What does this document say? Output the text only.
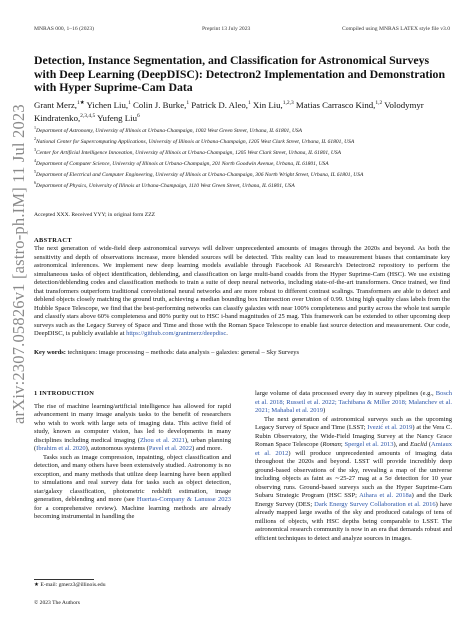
MNRAS 000, 1–16 (2023)	Preprint 13 July 2023	Compiled using MNRAS LATEX style file v3.0
arXiv:2307.05826v1 [astro-ph.IM] 11 Jul 2023
Detection, Instance Segmentation, and Classification for Astronomical Surveys with Deep Learning (DeepDISC): Detectron2 Implementation and Demonstration with Hyper Suprime-Cam Data
Grant Merz,$^{1★}$ Yichen Liu,$^1$ Colin J. Burke,$^1$ Patrick D. Aleo,$^1$ Xin Liu,$^{1,2,3}$ Matias Carrasco Kind,$^{1,2}$ Volodymyr Kindratenko,$^{2,3,4,5}$ Yufeng Liu$^6$
$^1$Department of Astronomy, University of Illinois at Urbana-Champaign, 1002 West Green Street, Urbana, IL 61801, USA
$^2$National Center for Supercomputing Applications, University of Illinois at Urbana-Champaign, 1205 West Clark Street, Urbana, IL 61801, USA
$^3$Center for Artificial Intelligence Innovation, University of Illinois at Urbana-Champaign, 1205 West Clark Street, Urbana, IL 61801, USA
$^4$Department of Computer Science, University of Illinois at Urbana-Champaign, 201 North Goodwin Avenue, Urbana, IL 61801, USA
$^5$Department of Electrical and Computer Engineering, University of Illinois at Urbana-Champaign, 306 North Wright Street, Urbana, IL 61801, USA
$^6$Department of Physics, University of Illinois at Urbana-Champaign, 1110 West Green Street, Urbana, IL 61801, USA
Accepted XXX. Received YYY; in original form ZZZ
ABSTRACT
The next generation of wide-field deep astronomical surveys will deliver unprecedented amounts of images through the 2020s and beyond. As both the sensitivity and depth of observations increase, more blended sources will be detected. This reality can lead to measurement biases that contaminate key astronomical inferences. We implement new deep learning models available through Facebook AI Research's Detectron2 repository to perform the simultaneous tasks of object identification, deblending, and classification on large multi-band coadds from the Hyper Suprime-Cam (HSC). We use existing detection/deblending codes and classification methods to train a suite of deep neural networks, including state-of-the-art transformers. Once trained, we find that transformers outperform traditional convolutional neural networks and are more robust to different contrast scalings. Transformers are able to detect and deblend objects closely matching the ground truth, achieving a median bounding box Intersection over Union of 0.99. Using high quality class labels from the Hubble Space Telescope, we find that the best-performing networks can classify galaxies with near 100% completeness and purity across the whole test sample and classify stars above 60% completeness and 80% purity out to HSC i-band magnitudes of 25 mag. This framework can be extended to other upcoming deep surveys such as the Legacy Survey of Space and Time and those with the Roman Space Telescope to enable fast source detection and measurement. Our code, DeepDISC, is publicly available at https://github.com/grantmerz/deepdisc.
Key words: techniques: image processing – methods: data analysis – galaxies: general – Sky Surveys
1 INTRODUCTION

The rise of machine learning/artificial intelligence has allowed for rapid advancement in many image analysis tasks to the benefit of researchers who wish to work with large sets of imaging data. This active field of study, known as computer vision, has led to developments in many disciplines including medical imaging (Zhou et al. 2021), urban planning (Ibrahim et al. 2020), autonomous systems (Pavel et al. 2022) and more.

Tasks such as image compression, inpainting, object classification and detection, and many others have been extensively studied. Astronomy is no exception, and many methods that utilize deep learning have been applied to simulations and real survey data for tasks such as object detection, star/galaxy classification, photometric redshift estimation, image generation, deblending and more (see Huertas-Company & Lanusse 2023 for a comprehensive review). Machine learning methods are already becoming instrumental in handling the

large volume of data processed every day in survey pipelines (e.g., Bosch et al. 2018; Russeil et al. 2022; Tachibana & Miller 2018; Malanchev et al. 2021; Mahabal et al. 2019)

The next generation of astronomical surveys such as the upcoming Legacy Survey of Space and Time (LSST; Ivezić et al. 2019) at the Vera C. Rubin Observatory, the Wide-Field Imaging Survey at the Nancy Grace Roman Space Telescope (Roman; Spergel et al. 2013), and Euclid (Amiaux et al. 2012) will produce unprecedented amounts of imaging data throughout the 2020s and beyond. LSST will provide incredibly deep ground-based observations of the sky, revealing a map of the universe including objects as faint as ∼25-27 mag at a 5σ detection for 10 year observing runs. Ground-based surveys such as the Hyper Suprime-Cam Subaru Strategic Program (HSC SSP; Aihara et al. 2018a) and the Dark Energy Survey (DES; Dark Energy Survey Collaboration et al. 2016) have already mapped large swaths of the sky and produced catalogs of tens of millions of objects, with HSC depths being comparable to LSST. The astronomical research community is now in an era that demands robust and efficient techniques to detect and analyze sources in images.

★ E-mail: gmerz3@illinois.edu
© 2023 The Authors
